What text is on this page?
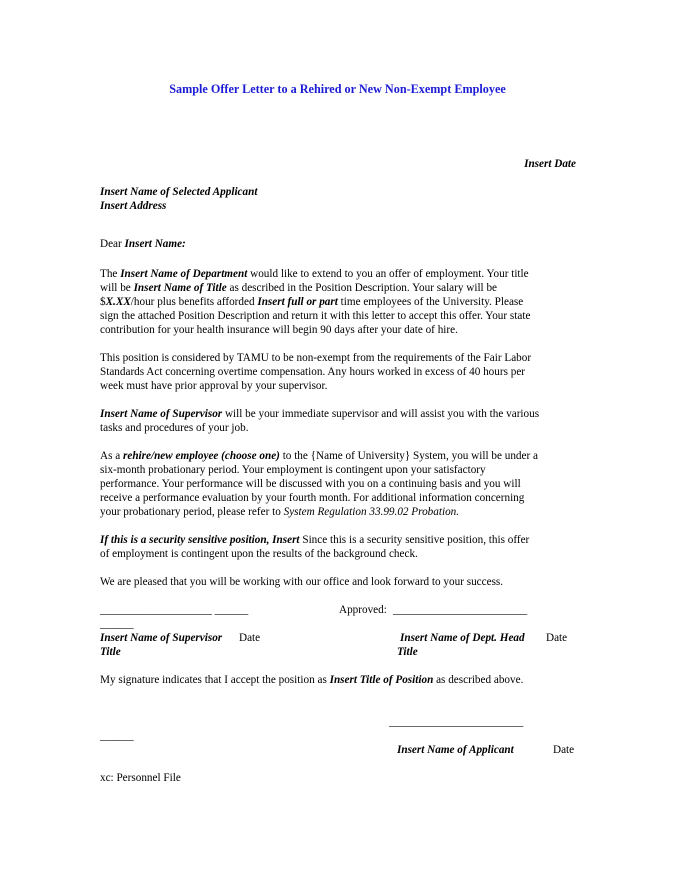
Sample Offer Letter to a Rehired or New Non-Exempt Employee
Insert Date
Insert Name of Selected Applicant
Insert Address
Dear Insert Name:
The Insert Name of Department would like to extend to you an offer of employment. Your title
will be Insert Name of Title as described in the Position Description. Your salary will be
$X.XX/hour plus benefits afforded Insert full or part time employees of the University. Please
sign the attached Position Description and return it with this letter to accept this offer. Your state
contribution for your health insurance will begin 90 days after your date of hire.
This position is considered by TAMU to be non-exempt from the requirements of the Fair Labor
Standards Act concerning overtime compensation. Any hours worked in excess of 40 hours per
week must have prior approval by your supervisor.
Insert Name of Supervisor will be your immediate supervisor and will assist you with the various
tasks and procedures of your job.
As a rehire/new employee (choose one) to the {Name of University} System, you will be under a
six-month probationary period. Your employment is contingent upon your satisfactory
performance. Your performance will be discussed with you on a continuing basis and you will
receive a performance evaluation by your fourth month. For additional information concerning
your probationary period, please refer to System Regulation 33.99.02 Probation.
If this is a security sensitive position, Insert Since this is a security sensitive position, this offer
of employment is contingent upon the results of the background check.
We are pleased that you will be working with our office and look forward to your success.
____________________ ______	Approved: ________________________
______
Insert Name of Supervisor Date
Title
Insert Name of Dept. Head Date
Title
My signature indicates that I accept the position as Insert Title of Position as described above.
________________________
______
Insert Name of Applicant	Date
xc: Personnel File
